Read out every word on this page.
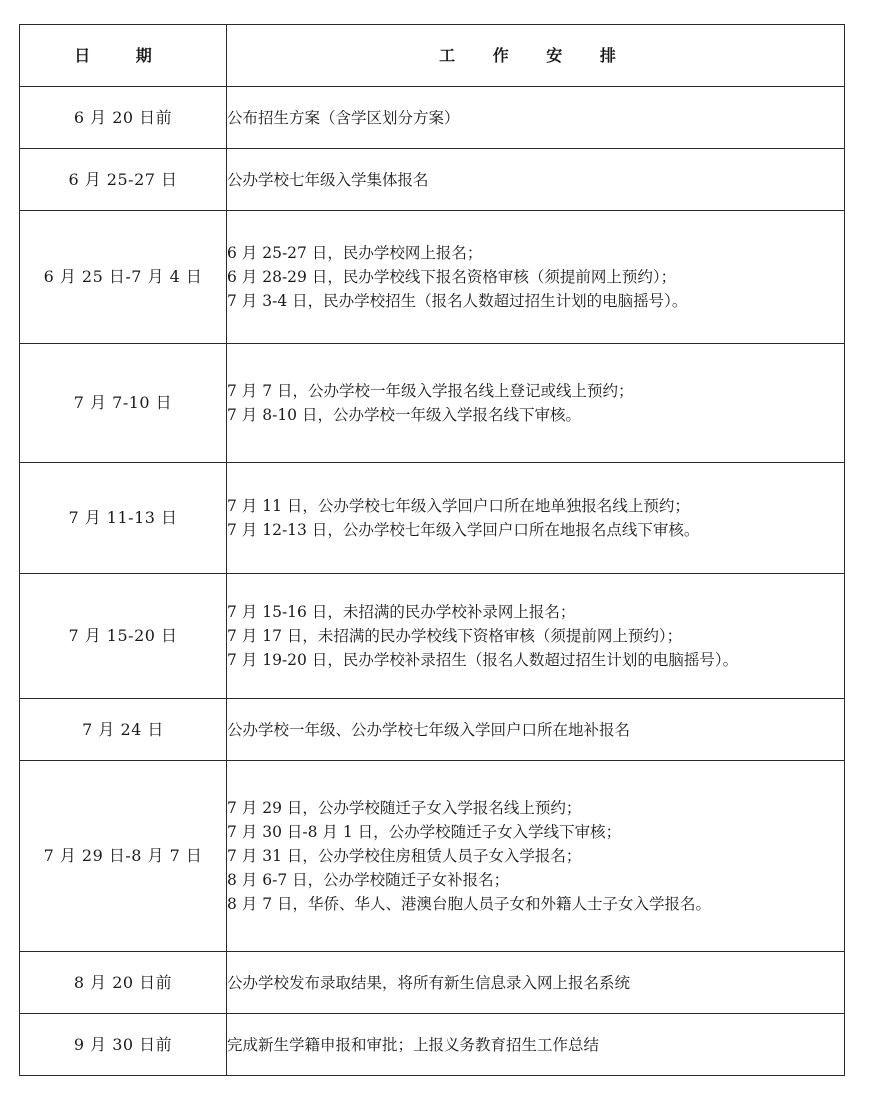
日 期	工 作 安 排
6 月 20 日前	公布招生方案（含学区划分方案）

6 月 25-27 日	公办学校七年级入学集体报名

6 月 25 日-7 月 4 日	6 月 25-27 日，民办学校网上报名；
6 月 28-29 日，民办学校线下报名资格审核（须提前网上预约）；
7 月 3-4 日，民办学校招生（报名人数超过招生计划的电脑摇号）。

7 月 7-10 日	7 月 7 日，公办学校一年级入学报名线上登记或线上预约；
7 月 8-10 日，公办学校一年级入学报名线下审核。

7 月 11-13 日	7 月 11 日，公办学校七年级入学回户口所在地单独报名线上预约；
7 月 12-13 日，公办学校七年级入学回户口所在地报名点线下审核。

7 月 15-20 日	7 月 15-16 日，未招满的民办学校补录网上报名；
7 月 17 日，未招满的民办学校线下资格审核（须提前网上预约）；
7 月 19-20 日，民办学校补录招生（报名人数超过招生计划的电脑摇号）。

7 月 24 日	公办学校一年级、公办学校七年级入学回户口所在地补报名

7 月 29 日-8 月 7 日	7 月 29 日，公办学校随迁子女入学报名线上预约；
7 月 30 日-8 月 1 日，公办学校随迁子女入学线下审核；
7 月 31 日，公办学校住房租赁人员子女入学报名；
8 月 6-7 日，公办学校随迁子女补报名；
8 月 7 日，华侨、华人、港澳台胞人员子女和外籍人士子女入学报名。

8 月 20 日前	公办学校发布录取结果，将所有新生信息录入网上报名系统

9 月 30 日前	完成新生学籍申报和审批；上报义务教育招生工作总结
